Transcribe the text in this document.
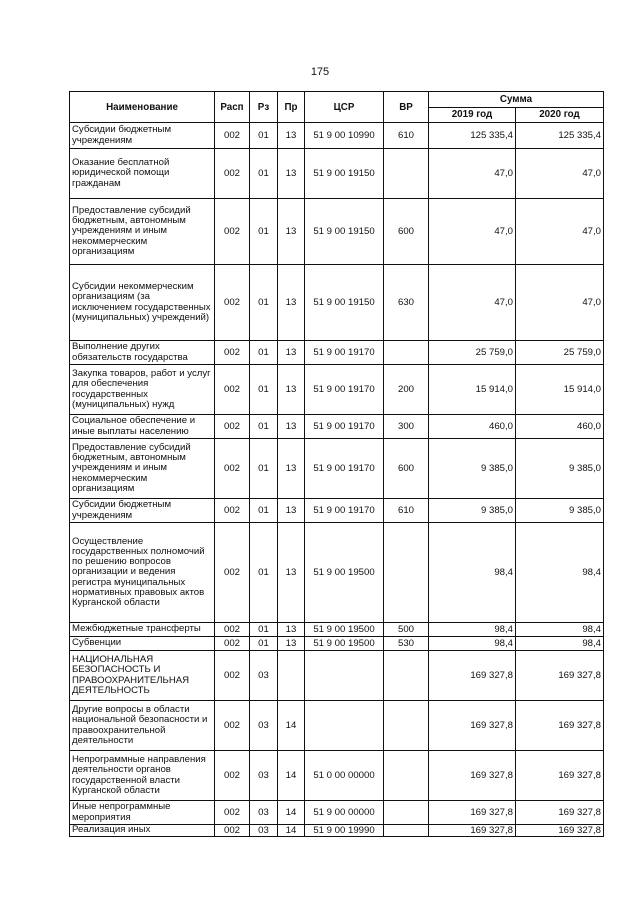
175
Наименование	Расп	Рз	Пр	ЦСР	ВР	Сумма	
						2019 год	2020 год
Субсидии бюджетным учреждениям	002	01	13	51 9 00 10990	610	125 335,4	125 335,4
Оказание бесплатной юридической помощи гражданам	002	01	13	51 9 00 19150		47,0	47,0
Предоставление субсидий бюджетным, автономным учреждениям и иным некоммерческим организациям	002	01	13	51 9 00 19150	600	47,0	47,0
Субсидии некоммерческим организациям (за исключением государственных (муниципальных) учреждений)	002	01	13	51 9 00 19150	630	47,0	47,0
Выполнение других обязательств государства	002	01	13	51 9 00 19170		25 759,0	25 759,0
Закупка товаров, работ и услуг для обеспечения государственных (муниципальных) нужд	002	01	13	51 9 00 19170	200	15 914,0	15 914,0
Социальное обеспечение и иные выплаты населению	002	01	13	51 9 00 19170	300	460,0	460,0
Предоставление субсидий бюджетным, автономным учреждениям и иным некоммерческим организациям	002	01	13	51 9 00 19170	600	9 385,0	9 385,0
Субсидии бюджетным учреждениям	002	01	13	51 9 00 19170	610	9 385,0	9 385,0
Осуществление государственных полномочий по решению вопросов организации и ведения регистра муниципальных нормативных правовых актов Курганской области	002	01	13	51 9 00 19500		98,4	98,4
Межбюджетные трансферты	002	01	13	51 9 00 19500	500	98,4	98,4
Субвенции	002	01	13	51 9 00 19500	530	98,4	98,4
НАЦИОНАЛЬНАЯ БЕЗОПАСНОСТЬ И ПРАВООХРАНИТЕЛЬНАЯ ДЕЯТЕЛЬНОСТЬ	002	03				169 327,8	169 327,8
Другие вопросы в области национальной безопасности и правоохранительной деятельности	002	03	14			169 327,8	169 327,8
Непрограммные направления деятельности органов государственной власти Курганской области	002	03	14	51 0 00 00000		169 327,8	169 327,8
Иные непрограммные мероприятия	002	03	14	51 9 00 00000		169 327,8	169 327,8
Реализация иных	002	03	14	51 9 00 19990		169 327,8	169 327,8
